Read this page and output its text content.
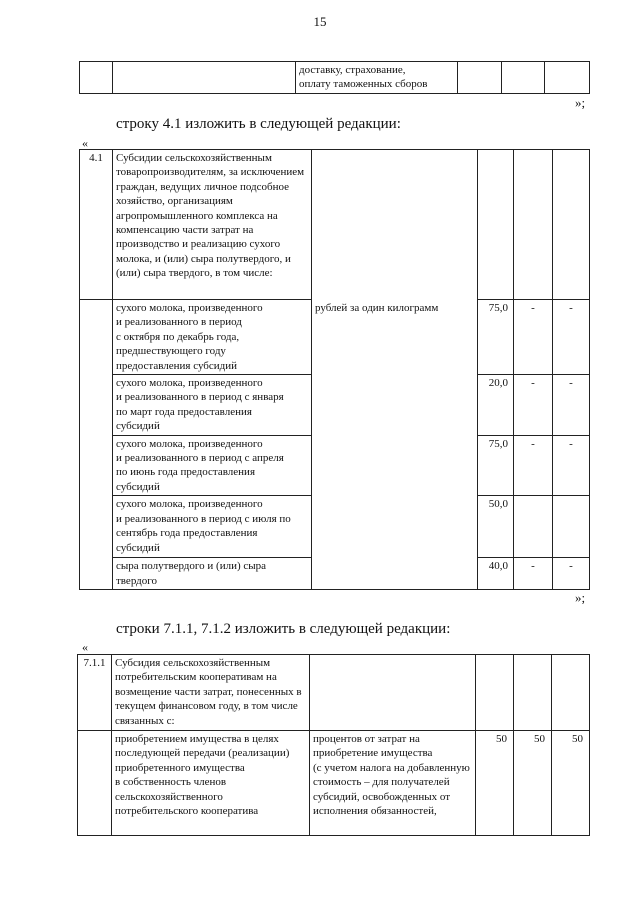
15
		доставку, страхование,
оплату таможенных сборов			
»;
строку 4.1 изложить в следующей редакции:
«
4.1	Субсидии сельскохозяйственным товаропроизводителям, за исключением граждан, ведущих личное подсобное хозяйство, организациям агропромышленного комплекса на компенсацию части затрат на производство и реализацию сухого молока, и (или) сыра полутвердого, и (или) сыра твердого, в том числе:				
	сухого молока, произведенного
и реализованного в период
с октября по декабрь года,
предшествующего году
предоставления субсидий	рублей за один килограмм	75,0	-	-
	сухого молока, произведенного
и реализованного в период с января
по март года предоставления
субсидий		20,0	-	-
	сухого молока, произведенного
и реализованного в период с апреля
по июнь года предоставления
субсидий		75,0	-	-
	сухого молока, произведенного
и реализованного в период с июля по
сентябрь года предоставления
субсидий		50,0		
	сыра полутвердого и (или) сыра
твердого		40,0	-	-
»;
строки 7.1.1, 7.1.2 изложить в следующей редакции:
«
7.1.1	Субсидия сельскохозяйственным потребительским кооперативам на возмещение части затрат, понесенных в текущем финансовом году, в том числе связанных с:				
	приобретением имущества в целях последующей передачи (реализации) приобретенного имущества
в собственность членов сельскохозяйственного потребительского кооператива	процентов от затрат на приобретение имущества
(с учетом налога на добавленную стоимость – для получателей субсидий, освобожденных от исполнения обязанностей,	50	50	50
